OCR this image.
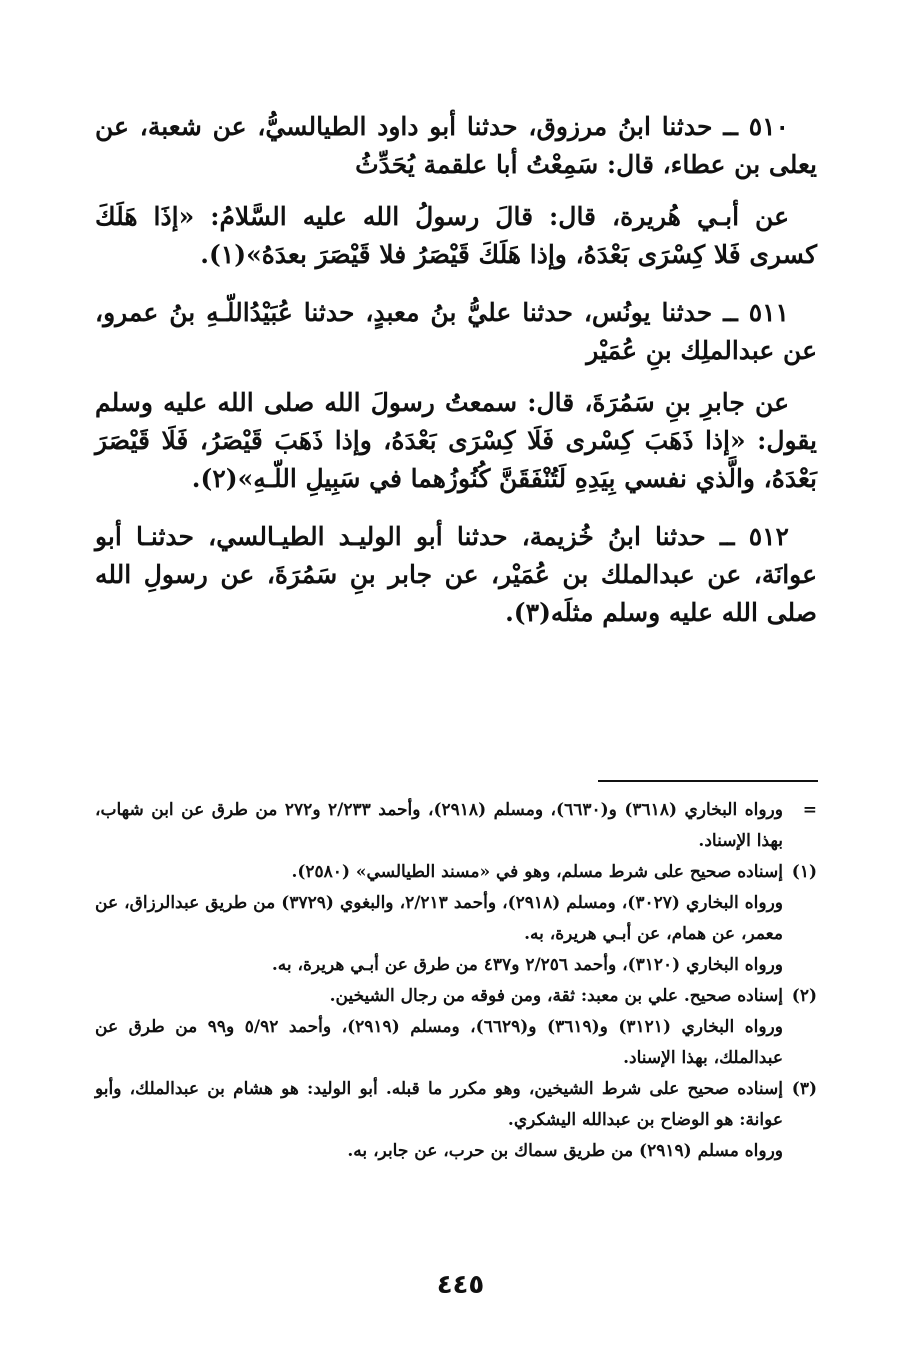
٥١٠ ــ حدثنا ابنُ مرزوق، حدثنا أبو داود الطيالسيُّ، عن شعبة، عن يعلى بن عطاء، قال: سَمِعْتُ أبا علقمة يُحَدِّثُ

عن أبـي هُريرة، قال: قالَ رسولُ الله عليه السَّلامُ: «إذَا هَلَكَ كسرى فَلا كِسْرَى بَعْدَهُ، وإذا هَلَكَ قَيْصَرُ فلا قَيْصَرَ بعدَهُ»(١).

٥١١ ــ حدثنا يونُس، حدثنا عليُّ بنُ معبدٍ، حدثنا عُبَيْدُاللّـهِ بنُ عمرو، عن عبدالملِك بنِ عُمَيْر

عن جابرِ بنِ سَمُرَةَ، قال: سمعتُ رسولَ الله صلى الله عليه وسلم يقول: «إذا ذَهَبَ كِسْرى فَلَا كِسْرَى بَعْدَهُ، وإذا ذَهَبَ قَيْصَرُ، فَلَا قَيْصَرَ بَعْدَهُ، والَّذي نفسي بِيَدِهِ لَتُنْفَقَنَّ كُنُوزُهما في سَبِيلِ اللّـهِ»(٢).

٥١٢ ــ حدثنا ابنُ خُزيمة، حدثنا أبو الوليـد الطيـالسي، حدثنـا أبو عوانَة، عن عبدالملك بن عُمَيْر، عن جابر بنِ سَمُرَةَ، عن رسولِ الله صلى الله عليه وسلم مثلَه(٣).

=

ورواه البخاري (٣٦١٨) و(٦٦٣٠)، ومسلم (٢٩١٨)، وأحمد ٢/٢٣٣ و٢٧٢ من طرق عن ابن شهاب، بهذا الإسناد.

(١)

إسناده صحيح على شرط مسلم، وهو في «مسند الطيالسي» (٢٥٨٠).

ورواه البخاري (٣٠٢٧)، ومسلم (٢٩١٨)، وأحمد ٢/٢١٣، والبغوي (٣٧٢٩) من طريق عبدالرزاق، عن معمر، عن همام، عن أبـي هريرة، به.

ورواه البخاري (٣١٢٠)، وأحمد ٢/٢٥٦ و٤٣٧ من طرق عن أبـي هريرة، به.

(٢)

إسناده صحيح. علي بن معبد: ثقة، ومن فوقه من رجال الشيخين.

ورواه البخاري (٣١٢١) و(٣٦١٩) و(٦٦٢٩)، ومسلم (٢٩١٩)، وأحمد ٥/٩٢ و٩٩ من طرق عن عبدالملك، بهذا الإسناد.

(٣)

إسناده صحيح على شرط الشيخين، وهو مكرر ما قبله. أبو الوليد: هو هشام بن عبدالملك، وأبو عوانة: هو الوضاح بن عبدالله اليشكري.

ورواه مسلم (٢٩١٩) من طريق سماك بن حرب، عن جابر، به.

٤٤٥
